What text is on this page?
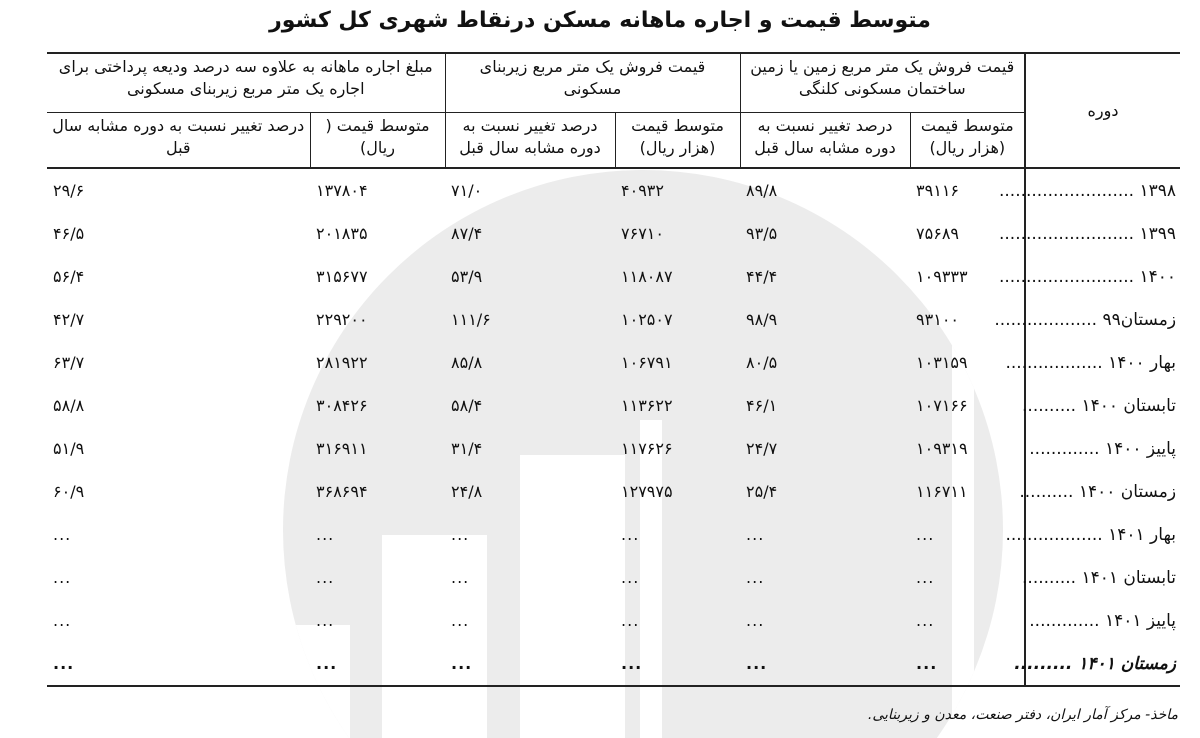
متوسط قیمت و اجاره ماهانه مسکن درنقاط شهری کل کشور
دوره	قیمت فروش یک متر مربع زمین یا زمین ساختمان مسکونی کلنگی		قیمت فروش یک متر مربع زیربنای مسکونی		مبلغ اجاره ماهانه به علاوه سه درصد ودیعه پرداختی برای اجاره یک متر مربع زیربنای مسکونی	
	متوسط قیمت (هزار ریال)	درصد تغییر نسبت به دوره مشابه سال قبل	متوسط قیمت (هزار ریال)	درصد تغییر نسبت به دوره مشابه سال قبل	متوسط قیمت ( ریال)	درصد تغییر نسبت به دوره مشابه سال قبل
۱۳۹۸ .........................	۳۹۱۱۶	۸۹/۸	۴۰۹۳۲	۷۱/۰	۱۳۷۸۰۴	۲۹/۶
۱۳۹۹ .........................	۷۵۶۸۹	۹۳/۵	۷۶۷۱۰	۸۷/۴	۲۰۱۸۳۵	۴۶/۵
۱۴۰۰ .........................	۱۰۹۳۳۳	۴۴/۴	۱۱۸۰۸۷	۵۳/۹	۳۱۵۶۷۷	۵۶/۴
زمستان۹۹ ...................	۹۳۱۰۰	۹۸/۹	۱۰۲۵۰۷	۱۱۱/۶	۲۲۹۲۰۰	۴۲/۷
بهار ۱۴۰۰ ..................	۱۰۳۱۵۹	۸۰/۵	۱۰۶۷۹۱	۸۵/۸	۲۸۱۹۲۲	۶۳/۷
تابستان ۱۴۰۰ ..........	۱۰۷۱۶۶	۴۶/۱	۱۱۳۶۲۲	۵۸/۴	۳۰۸۴۲۶	۵۸/۸
پاییز ۱۴۰۰ .............	۱۰۹۳۱۹	۲۴/۷	۱۱۷۶۲۶	۳۱/۴	۳۱۶۹۱۱	۵۱/۹
زمستان ۱۴۰۰ ..........	۱۱۶۷۱۱	۲۵/۴	۱۲۷۹۷۵	۲۴/۸	۳۶۸۶۹۴	۶۰/۹
بهار ۱۴۰۱ ..................	...	...	...	...	...	...
تابستان ۱۴۰۱ ..........	...	...	...	...	...	...
پاییز ۱۴۰۱ .............	...	...	...	...	...	...
زمستان ۱۴۰۱ .........	...	...	...	...	...	...
ماخذ- مرکز آمار ایران، دفتر صنعت، معدن و زیربنایی.
